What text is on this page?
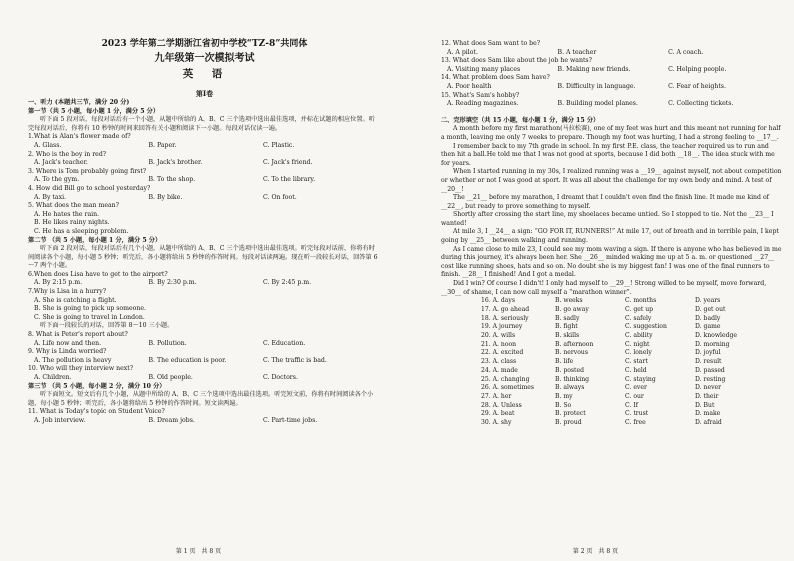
2023 学年第二学期浙江省初中学校“TZ-8”共同体
九年级第一次模拟考试
英　语
第Ⅰ卷

一、听力 (本题共三节，满分 20 分)

第一节（共 5 小题，每小题 1 分，满分 5 分）

听下面 5 段对话，每段对话后有一个小题，从题中所给的 A、B、C 三个选项中选出最佳选项，并标在试题的相应位置。听完每段对话后，你将有 10 秒钟的时间来回答有关小题和阅读下一小题。每段对话仅读一遍。

1.What is Alan's flower made of?

A. Glass.	B. Paper.	C. Plastic.

2. Who is the boy in red?

A. Jack's teacher.	B. Jack's brother.	C. Jack's friend.

3. Where is Tom probably going first?

A. To the gym.	B. To the shop.	C. To the library.

4. How did Bill go to school yesterday?

A. By taxi.	B. By bike.	C. On foot.

5. What does the man mean?

A. He hates the rain.

B. He likes rainy nights.

C. He has a sleeping problem.

第二节 （共 5 小题，每小题 1 分，满分 5 分）

听下面 2 段对话，每段对话后有几个小题，从题中所给的 A、B、C 三个选项中选出最佳选项。听完每段对话前，你将有时间阅读各个小题，每小题 5 秒钟；听完后，各小题将给出 5 秒钟的作答时间。每段对话读两遍。现在听一段较长对话，回答第 6～7 两个小题。

6.When does Lisa have to get to the airport?

A. By 2:15 p.m.	B. By 2:30 p.m.	C. By 2:45 p.m.

7.Why is Lisa in a hurry?

A. She is catching a flight.

B. She is going to pick up someone.

C. She is going to travel in London.

听下面一段较长的对话，回答第 8～10 三小题。

8. What is Peter's report about?

A. Life now and then.	B. Pollution.	C. Education.

9. Why is Linda worried?

A. The pollution is heavy	B. The education is poor.	C. The traffic is bad.

10. Who will they interview next?

A. Children.	B. Old people.	C. Doctors.

第三节 （共 5 小题，每小题 2 分，满分 10 分）

听下面短文。短文后有几个小题，从题中所给的 A、B、C 三个选项中选出最佳选项。听完短文前，你将有时间阅读各个小题，每小题 5 秒钟；听完后，各小题将给出 5 秒钟的作答时间。短文读两遍。

11. What is Today's topic on Student Voice?

A. Job interview.	B. Dream jobs.	C. Part-time jobs.
第 1 页　共 8 页

12. What does Sam want to be?

A. A pilot.	B. A teacher	C. A coach.

13. What does Sam like about the job he wants?

A. Visiting many places	B. Making new friends.	C. Helping people.

14. What problem does Sam have?

A. Poor health	B. Difficulty in language.	C. Fear of heights.

15. What's Sam's hobby?

A. Reading magazines.	B. Building model planes.	C. Collecting tickets.

二、完形填空（共 15 小题，每小题 1 分，满分 15 分）

A month before my first marathon(马拉松赛), one of my feet was hurt and this meant not running for half a month, leaving me only 7 weeks to prepare. Though my foot was hurting, I had a strong feeling to __17__.

I remember back to my 7th grade in school. In my first P.E. class, the teacher required us to run and then hit a ball.He told me that I was not good at sports, because I did both __18__. The idea stuck with me for years.

When I started running in my 30s, I realized running was a __19__ against myself, not about competition or whether or not I was good at sport. It was all about the challenge for my own body and mind. A test of __20__!

The __21__ before my marathon, I dreamt that I couldn't even find the finish line. It made me kind of __22__, but ready to prove something to myself.

Shortly after crossing the start line, my shoelaces became untied. So I stopped to tie. Not the __23__ I wanted!

At mile 3, I __24__ a sign: “GO FOR IT, RUNNERS!” At mile 17, out of breath and in terrible pain, I kept going by __25__ between walking and running.

As I came close to mile 23, I could see my mom waving a sign. If there is anyone who has believed in me during this journey, it's always been her. She __26__ minded waking me up at 5 a. m. or questioned __27__ cost like running shoes, hats and so on. No doubt she is my biggest fan! I was one of the final runners to finish. __28__ I finished! And I got a medal.

Did I win? Of course I didn't! I only had myself to __29__! Strong willed to be myself, move forward, __30__ of shame, I can now call myself a “marathon winner”.

16. A. days	B. weeks	C. months	D. years
17. A. go ahead	B. go away	C. get up	D. get out
18. A. seriously	B. sadly	C. safely	D. badly
19. A journey	B. fight	C. suggestion	D. game
20. A. wills	B. skills	C. ability	D. knowledge
21. A. noon	B. afternoon	C. night	D. morning
22. A. excited	B. nervous	C. lonely	D. joyful
23. A. class	B. life	C. start	D. result
24. A. made	B. posted	C. held	D. passed
25. A. changing	B. thinking	C. staying	D. resting
26. A. sometimes	B. always	C. ever	D. never
27. A. her	B. my	C. our	D. their
28. A. Unless	B. So	C. If	D. But
29. A. beat	B. protect	C. trust	D. make
30. A. shy	B. proud	C. free	D. afraid
第 2 页　共 8 页
